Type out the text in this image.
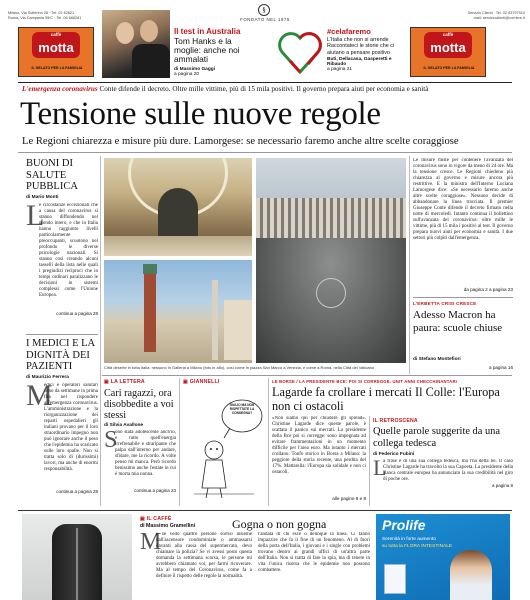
caffè
motta
IL GELATO PER LA FAMIGLIA
Milano, Via Solferino 28 · Tel. 02 62821
Roma, Via Campania 59/C · Tel. 06 688281
Il test in Australia
Tom Hanks e la moglie: anche noi ammalati
di Massimo Gaggi
a pagina 20
§
FONDATO NEL 1876
#celafaremo
L'Italia che non si arrende Raccontateci le storie che ci aiutano a pensare positivo
Buti, Dellacasa, Gasperetti e Ribaudo
a pagina 21
Servizio Clienti · Tel. 02 63797510
mail: servizioclienti@corriere.it
caffè
motta
IL GELATO PER LA FAMIGLIA
L'emergenza coronavirus Conte difende il decreto. Oltre mille vittime, più di 15 mila positivi. Il governo prepara aiuti per economia e sanità
Tensione sulle nuove regole
Le Regioni chiarezza e misure più dure. Lamorgese: se necessario faremo anche altre scelte coraggiose
BUONI DI SALUTE PUBBLICA
di Mario Monti
L
e circostanze eccezionali che a causa del coronavirus si stanno diffondendo nel mondo intero, e che in Italia hanno raggiunto livelli particolarmente preoccupanti, scuotono nel profondo le diverse psicologie nazionali. Si stanno così creando alcuni tasselli della lista nelle quali i pregiudizi reciproci che in tempi ordinari paralizzano le decisioni in sistemi complessi come l'Unione Europea.
continua a pagina 28
I MEDICI E LA DIGNITÀ DEI PAZIENTI
di Maurizio Ferrera
M
edici e operatori sanitari sono da settimane in prima fila nel rispondere all'emergenza coronavirus. L'amministrazione e la riorganizzazione dei reparti ospedalieri gli italiani provano per il loro straordinario impegno non può ignorare anche il peso che l'epidemia ha scaricato sulle loro spalle. Non si tratta solo di (durissimi) lavori, ma anche di enormi responsabilità.
continua a pagina 28
Città deserte in tutta Italia: nessuno in Galleria a Milano (foto in alto), così come in piazza San Marco a Venezia, e come a Roma, nella Città del Vaticano
Le misure miste per contenere l'avanzata del coronavirus sono in vigore da meno di 24 ore. Ma la tensione cresce. Le Regioni chiedono più chiarezza al governo e misure ancora più restrittive. E la ministra dell'Interno Luciana Lamorgese dice: «Se necessario faremo anche altre scelte coraggiose». Nessuno decide di abbandonare la linea tracciata. Il premier Giuseppe Conte difende il decreto firmato nella notte di mercoledì. Intanto continua il bollettino sull'avanzata del coronavirus: oltre mille le vittime, più di 15 mila i positivi al test. Il governo prepara nuovi aiuti per economia e sanità. I due settori più colpiti dall'emergenza.
da pagina 2 a pagina 23
L'ERBETTA CRISI CRESCE
Adesso Macron ha paura: scuole chiuse
di Stefano Montefiori
a pagina 16
▣ LA LETTERA
Cari ragazzi, ora disobbedite a voi stessi
di Silvia Avallone
S
ono stata adolescente anch'io, e tutto quell'energia irrefrenabile e straripante che palpa dall'interno per andare, sfidare, me la ricordo. A volte penso mi manca. Però ricordo benissimo anche l'estate in cui è morta mia nonna.
continua a pagina 23
▣ GIANNELLI
GIULIO MA NON RISPETTATE LA CONSEGNA?
LE BORSE / LA PRESIDENTE BCE: POI SI CORREGGE. UNIT ANNI CHECCHINANTARI
Lagarde fa crollare i mercati Il Colle: l'Europa non ci ostacoli
«Non siamo qui per chiudere gli spread». Christine Lagarde dice queste parole, è scattata il panico sui mercati. La presidente della Bce poi si corregge: sono impegnata ad evitare frammentazioni in un momento difficile per l'area euro. Ma intanto i mercati crollano. Tonfo storico in Borsa a Milano: la peggiore della storia recente, una perdita del 17%. Mattarella: l'Europa sia solidale e non ci ostacoli.
alle pagine 6 e 8
IL RETROSCENA
Quelle parole suggerite da una collega tedesca
di Federico Fubini
L
a frase è di una sua collega tedesca, ma l'ha detta lei. Il caso Christine Lagarde ha travolto la sua Capoeta. La presidente della Banca centrale europea ha annunciato la sua credibilità nel giro di poche ore.
a pagina 8
▣ IL CAFFÈ
di Massimo Gramellini	Gogna o non gogna
M
e se vedo quattro persone sorrisi insieme dall'ascensore condominiale o ammassarsi davanti alla cassa del supermercato, devo chiamare la polizia? Se vi avessi posto questa domanda la settimana scorsa, le persone mi avrebbero chiamato voi, per farmi ricoverare. Ma al tempo del Coronavirus, come fa a definire il rispetto delle regole la normalità.
l'andata di chi esce o delinque la linea. Ci fanno impazzire che fa il fine di un fenomeno. Al di fuori della porta dell'Italia, i giovani e i single con problemi trovano dentro ai grandi uffici di un'altra parte dell'Italia. Non si tratta di fare la spia, ma di tenere in vita l'unica risorsa che le epidemie non possono combattere.
Prolife
Serenità in forte aumento
su tutta la FLORA INTESTINALE
